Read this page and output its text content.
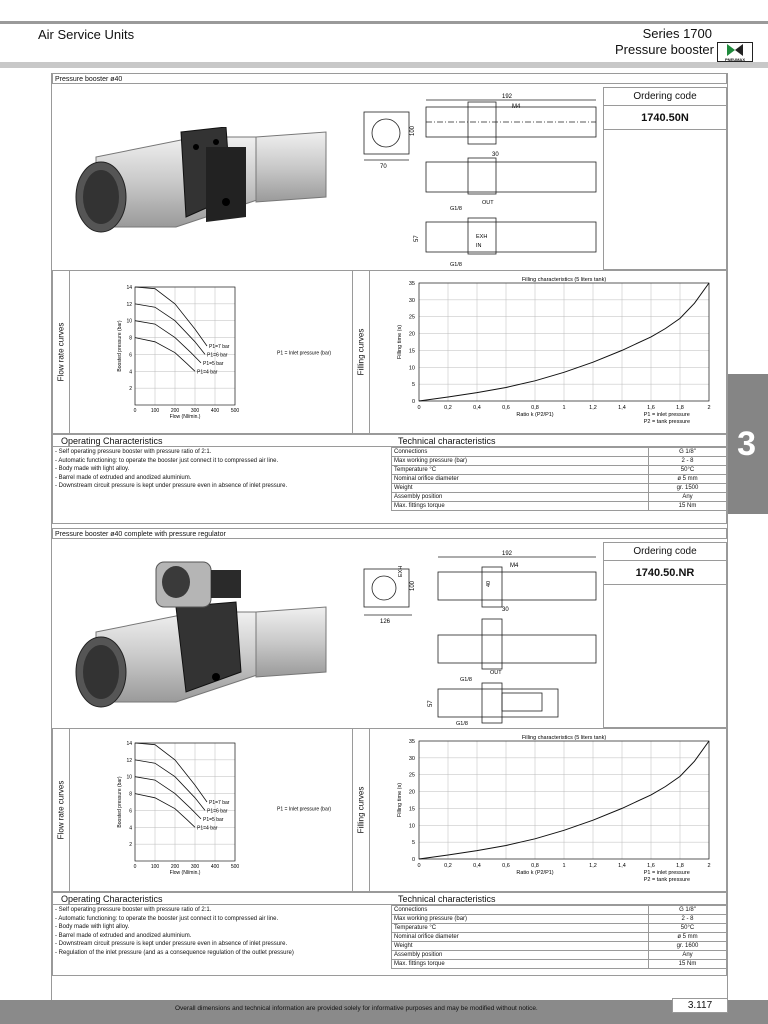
Air Service Units	Series 1700
Pressure booster
PNEUMAX
3
Pressure booster ø40
192
M4
100
70
30
OUT
G1/8
57	EXH
IN
G1/8
Ordering code
1740.50N
Flow rate curves
2
4
6
8
10
12
14
0	100 200 300 400 500
Flow (Nl/min.)
Boosted pressure (bar)	P1=7 bar
P1=6 bar
P1=5 bar
P1=4 bar
P1 = Inlet pressure (bar)	Filling curves
Filling characteristics (5 liters tank)
0
5
10
15
20
25
30
35
0	0,2	0,4	0,6	0,8	1	1,2	1,4	1,6	1,8	2
Ratio k (P2/P1)
Filling time (s)
P1 = inlet pressure
P2 = tank pressure
Operating Characteristics	Technical characteristics
- Self operating pressure booster with pressure ratio of 2:1.
- Automatic functioning: to operate the booster just connect it to compressed air line.
- Body made with light alloy.
- Barrel made of extruded and anodized aluminium.
- Downstream circuit pressure is kept under pressure even in absence of inlet pressure.
Connections	G 1/8"
Max working pressure (bar)	2 - 8
Temperature °C	50°C
Nominal orifice diameter	ø 5 mm
Weight	gr. 1500
Assembly position	Any
Max. fittings torque	15 Nm
Pressure booster ø40 complete with pressure regulator
192
M4
100
126
30
OUT
G1/8
57
EXH
40
G1/8
Ordering code
1740.50.NR
Flow rate curves
2
4
6
8
10
12
14
0	100 200 300 400 500
Flow (Nl/min.)
Boosted pressure (bar)	P1=7 bar
P1=6 bar
P1=5 bar
P1=4 bar
P1 = Inlet pressure (bar)	Filling curves
Filling characteristics (5 liters tank)
0
5
10
15
20
25
30
35
0	0,2	0,4	0,6	0,8	1	1,2	1,4	1,6	1,8	2
Ratio k (P2/P1)
Filling time (s)
P1 = inlet pressure
P2 = tank pressure
Operating Characteristics	Technical characteristics
- Self operating pressure booster with pressure ratio of 2:1.
- Automatic functioning: to operate the booster just connect it to compressed air line.
- Body made with light alloy.
- Barrel made of extruded and anodized aluminium.
- Downstream circuit pressure is kept under pressure even in absence of inlet pressure.
- Regulation of the inlet pressure (and as a consequence regulation of the outlet pressure)
Connections	G 1/8"
Max working pressure (bar)	2 - 8
Temperature °C	50°C
Nominal orifice diameter	ø 5 mm
Weight	gr. 1600
Assembly position	Any
Max. fittings torque	15 Nm
Overall dimensions and technical information are provided solely for informative purposes and may be modified without notice.	3.117
